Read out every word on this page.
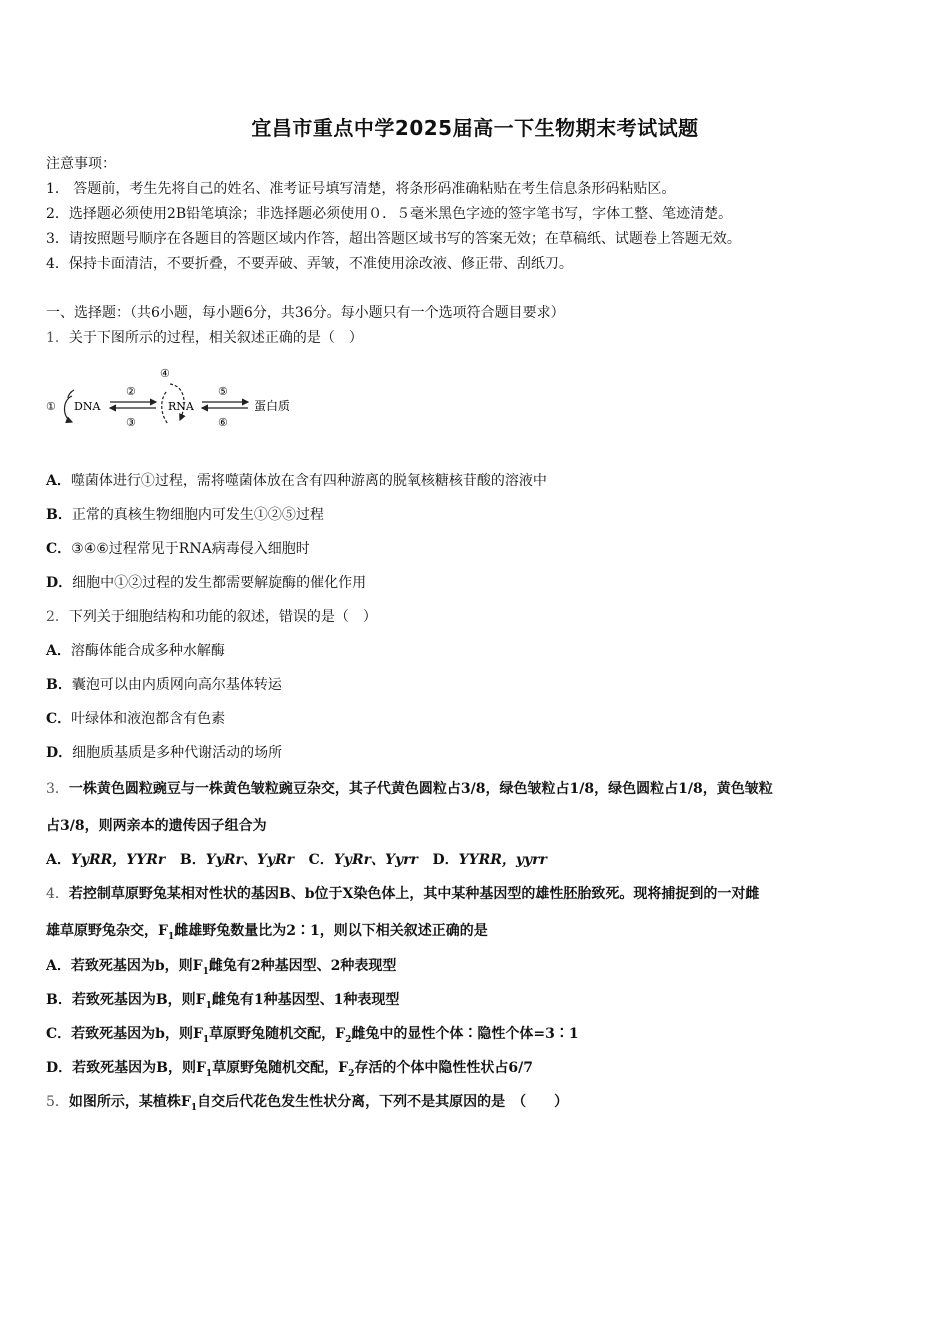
宜昌市重点中学2025届高一下生物期末考试试题
注意事项：
1． 答题前，考生先将自己的姓名、准考证号填写清楚，将条形码准确粘贴在考生信息条形码粘贴区。
2．选择题必须使用2B铅笔填涂；非选择题必须使用０．５毫米黑色字迹的签字笔书写，字体工整、笔迹清楚。
3．请按照题号顺序在各题目的答题区域内作答，超出答题区域书写的答案无效；在草稿纸、试题卷上答题无效。
4．保持卡面清洁，不要折叠，不要弄破、弄皱，不准使用涂改液、修正带、刮纸刀。
一、选择题：（共6小题，每小题6分，共36分。每小题只有一个选项符合题目要求）
1．关于下图所示的过程，相关叙述正确的是（　）
① DNA
②
③
④
RNA
⑤
⑥
蛋白质
A．噬菌体进行①过程，需将噬菌体放在含有四种游离的脱氧核糖核苷酸的溶液中
B．正常的真核生物细胞内可发生①②⑤过程
C．③④⑥过程常见于RNA病毒侵入细胞时
D．细胞中①②过程的发生都需要解旋酶的催化作用
2．下列关于细胞结构和功能的叙述，错误的是（　）
A．溶酶体能合成多种水解酶
B．囊泡可以由内质网向高尔基体转运
C．叶绿体和液泡都含有色素
D．细胞质基质是多种代谢活动的场所
3．一株黄色圆粒豌豆与一株黄色皱粒豌豆杂交，其子代黄色圆粒占3/8，绿色皱粒占1/8，绿色圆粒占1/8，黄色皱粒
占3/8，则两亲本的遗传因子组合为
A．YyRR，YYRr B．YyRr、YyRr C．YyRr、Yyrr D．YYRR，yyrr
4．若控制草原野兔某相对性状的基因B、b位于X染色体上，其中某种基因型的雄性胚胎致死。现将捕捉到的一对雌
雄草原野兔杂交，$F_1$雌雄野兔数量比为2∶1，则以下相关叙述正确的是
A．若致死基因为b，则$F_1$雌兔有2种基因型、2种表现型
B．若致死基因为B，则$F_1$雌兔有1种基因型、1种表现型
C．若致死基因为b，则$F_1$草原野兔随机交配，$F_2$雌兔中的显性个体∶隐性个体=3∶1
D．若致死基因为B，则$F_1$草原野兔随机交配，$F_2$存活的个体中隐性性状占6/7
5．如图所示，某植株$F_1$自交后代花色发生性状分离，下列不是其原因的是　（　　）
